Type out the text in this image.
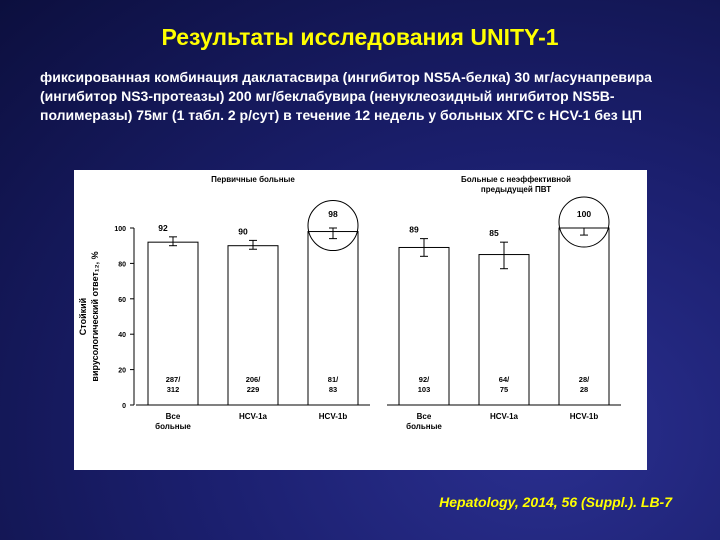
Результаты исследования UNITY-1
фиксированная комбинация даклатасвира (ингибитор NS5A-белка) 30 мг/асунапревира (ингибитор NS3-протеазы) 200 мг/беклабувира (ненуклеозидный ингибитор NS5B-полимеразы) 75мг (1 табл. 2 р/сут) в течение 12 недель у больных ХГС с HCV-1 без ЦП
0
20
40
60
80
100
Стойкий вирусологический ответ₁₂, %
Первичные больные
92
287/
312
Все
больные
90
206/
229
HCV-1a
98
81/
83
HCV-1b
Больные с неэффективной
предыдущей ПВТ
89
92/
103
Все
больные
85
64/
75
HCV-1a
100
28/
28
HCV-1b
Hepatology, 2014, 56 (Suppl.). LB-7
